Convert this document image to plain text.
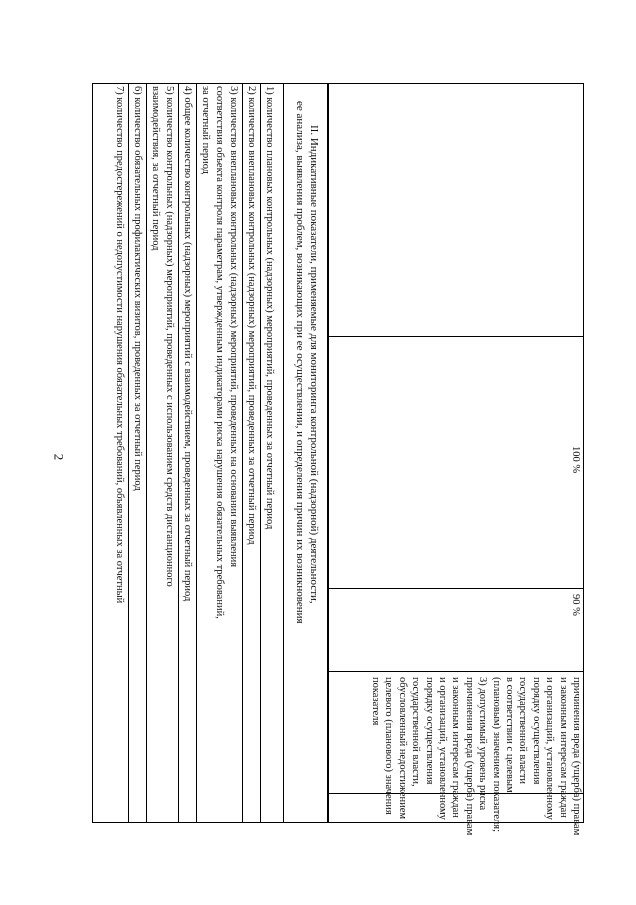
2	100 %
90 %
причинения вреда (ущерба) правам
и законным интересам граждан
и организаций, установленному
порядку осуществления
государственной власти
в соответствии с целевым
(плановым) значением показателя;
3) допустимый уровень риска
причинения вреда (ущерба) правам
и законным интересам граждан
и организаций, установленному
порядку осуществления
государственной власти,
обусловленный недостижением
целевого (планового) значения
показателя
II. Индикативные показатели, применяемые для мониторинга контрольной (надзорной) деятельности,
ее анализа, выявления проблем, возникающих при ее осуществлении, и определения причин их возникновения
1) количество плановых контрольных (надзорных) мероприятий, проведенных за отчетный период
2) количество внеплановых контрольных (надзорных) мероприятий, проведенных за отчетный период
3) количество внеплановых контрольных (надзорных) мероприятий, проведенных на основании выявления
соответствия объекта контроля параметрам, утвержденным индикаторами риска нарушения обязательных требований,
за отчетный период
4) общее количество контрольных (надзорных) мероприятий с взаимодействием, проведенных за отчетный период
5) количество контрольных (надзорных) мероприятий, проведенных с использованием средств дистанционного
взаимодействия, за отчетный период
6) количество обязательных профилактических визитов, проведенных за отчетный период
7) количество предостережений о недопустимости нарушения обязательных требований, объявленных за отчетный
